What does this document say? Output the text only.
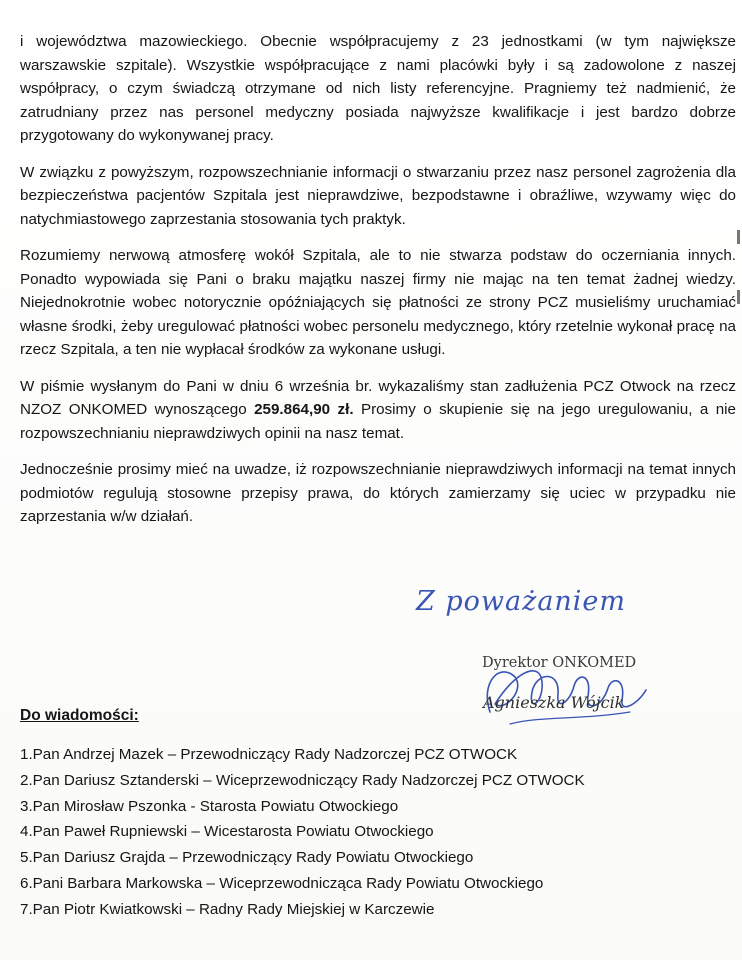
i województwa mazowieckiego. Obecnie współpracujemy z 23 jednostkami (w tym największe warszawskie szpitale). Wszystkie współpracujące z nami placówki były i są zadowolone z naszej współpracy, o czym świadczą otrzymane od nich listy referencyjne. Pragniemy też nadmienić, że zatrudniany przez nas personel medyczny posiada najwyższe kwalifikacje i jest bardzo dobrze przygotowany do wykonywanej pracy.

W związku z powyższym, rozpowszechnianie informacji o stwarzaniu przez nasz personel zagrożenia dla bezpieczeństwa pacjentów Szpitala jest nieprawdziwe, bezpodstawne i obraźliwe, wzywamy więc do natychmiastowego zaprzestania stosowania tych praktyk.

Rozumiemy nerwową atmosferę wokół Szpitala, ale to nie stwarza podstaw do oczerniania innych. Ponadto wypowiada się Pani o braku majątku naszej firmy nie mając na ten temat żadnej wiedzy. Niejednokrotnie wobec notorycznie opóźniających się płatności ze strony PCZ musieliśmy uruchamiać własne środki, żeby uregulować płatności wobec personelu medycznego, który rzetelnie wykonał pracę na rzecz Szpitala, a ten nie wypłacał środków za wykonane usługi.

W piśmie wysłanym do Pani w dniu 6 września br. wykazaliśmy stan zadłużenia PCZ Otwock na rzecz NZOZ ONKOMED wynoszącego 259.864,90 zł. Prosimy o skupienie się na jego uregulowaniu, a nie rozpowszechnianiu nieprawdziwych opinii na nasz temat.

Jednocześnie prosimy mieć na uwadze, iż rozpowszechnianie nieprawdziwych informacji na temat innych podmiotów regulują stosowne przepisy prawa, do których zamierzamy się uciec w przypadku nie zaprzestania w/w działań.

Z poważaniem
Dyrektor ONKOMED
Agnieszka Wójcik
Do wiadomości:
1.Pan Andrzej Mazek – Przewodniczący Rady Nadzorczej PCZ OTWOCK
2.Pan Dariusz Sztanderski – Wiceprzewodniczący Rady Nadzorczej PCZ OTWOCK
3.Pan Mirosław Pszonka - Starosta Powiatu Otwockiego
4.Pan Paweł Rupniewski – Wicestarosta Powiatu Otwockiego
5.Pan Dariusz Grajda – Przewodniczący Rady Powiatu Otwockiego
6.Pani Barbara Markowska – Wiceprzewodnicząca Rady Powiatu Otwockiego
7.Pan Piotr Kwiatkowski – Radny Rady Miejskiej w Karczewie
